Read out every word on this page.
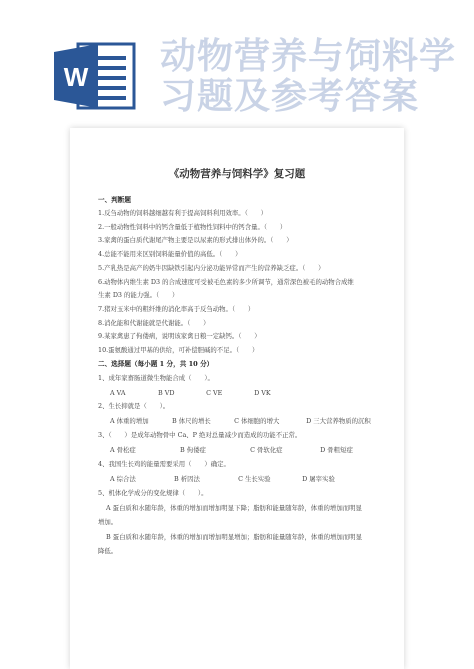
W 动物营养与饲料学
习题及参考答案
《动物营养与饲料学》复习题
一、判断题
1.反刍动物的饲料越细越有利于提高饲料利用效率。（　　）
2.一般动物性饲料中的钙含量低于植物性饲料中的钙含量。（　　）
3.家禽的蛋白质代谢尾产物主要是以尿素的形式排出体外的。（　　）
4.总能不能用来区别饲料能量价值的高低。（　　）
5.产乳热是高产的奶牛因缺铁引起内分泌功能异常而产生的营养缺乏症。（　　）
6.动物体内维生素 D3 的合成速度可受被毛色素的多少所调节，通常深色被毛的动物合成维
生素 D3 的能力强。（　　）
7.猪对玉米中的粗纤维的消化率高于反刍动物。（　　）
8.消化能和代谢能就是代谢能。（　　）
9.某家禽患了佝偻病，说明该家禽日粮一定缺钙。（　　）
10.蛋氨酸通过甲基的供给，可补偿胆碱的不足。（　　）
二、选择题（每小题 1 分，共 10 分）
1、成年家畜肠道微生物能合成（　　）。
A VA	B VD	C VE	D VK
2、生长抑就是（　　）。
A 体重的增加	B 体尺的增长	C 体细胞的增大	D 三大营养物质的沉积
3、（　　）是成年动物骨中 Ca、P 绝对总量减少而造成的功能不正常。
A 骨松症	B 佝偻症	C 骨软化症	D 骨粗短症
4、我国生长鸡的能量需要采用（　　）确定。
A 综合法	B 析因法	C 生长实验	D 屠宰实验
5、机体化学成分的变化规律（　　）。
A 蛋白质和水随年龄，体重的增加而增加明显下降；脂肪和能量随年龄，体重的增加而明显
增加。
B 蛋白质和水随年龄，体重的增加而增加明显增加；脂肪和能量随年龄，体重的增加而明显
降低。
